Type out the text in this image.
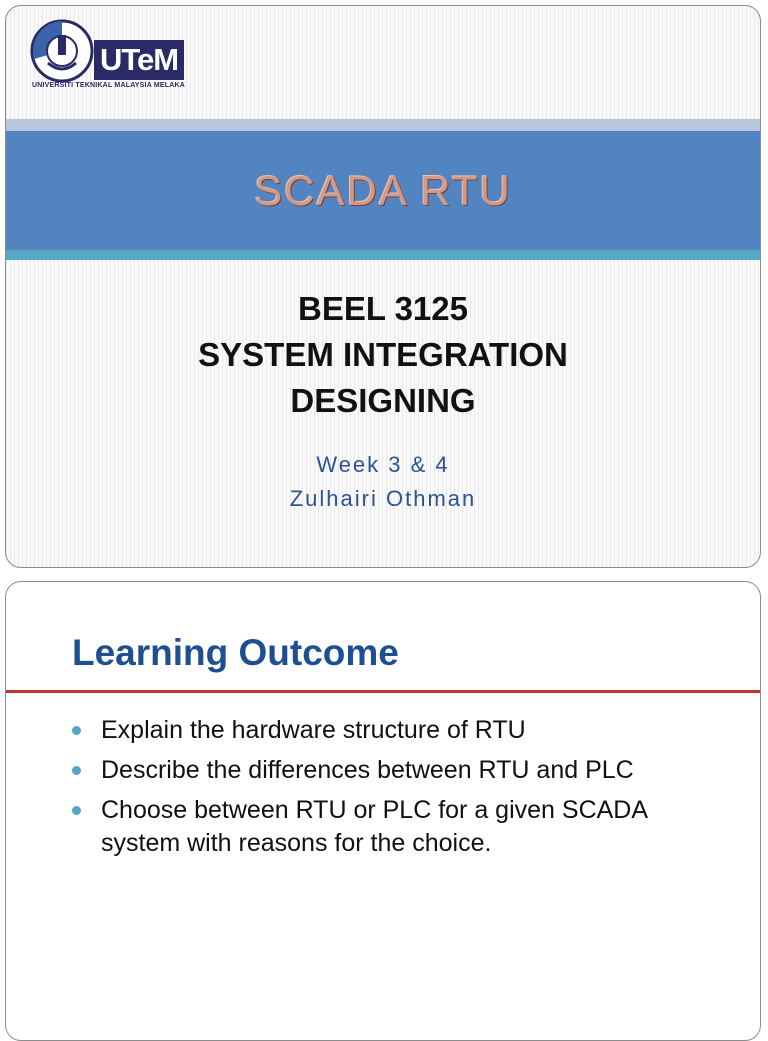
UTeM
UNIVERSITI TEKNIKAL MALAYSIA MELAKA
SCADA RTU
BEEL 3125
SYSTEM INTEGRATION
DESIGNING
Week 3 & 4
Zulhairi Othman
Learning Outcome
Explain the hardware structure of RTU
Describe the differences between RTU and PLC
Choose between RTU or PLC for a given SCADA system with reasons for the choice.
